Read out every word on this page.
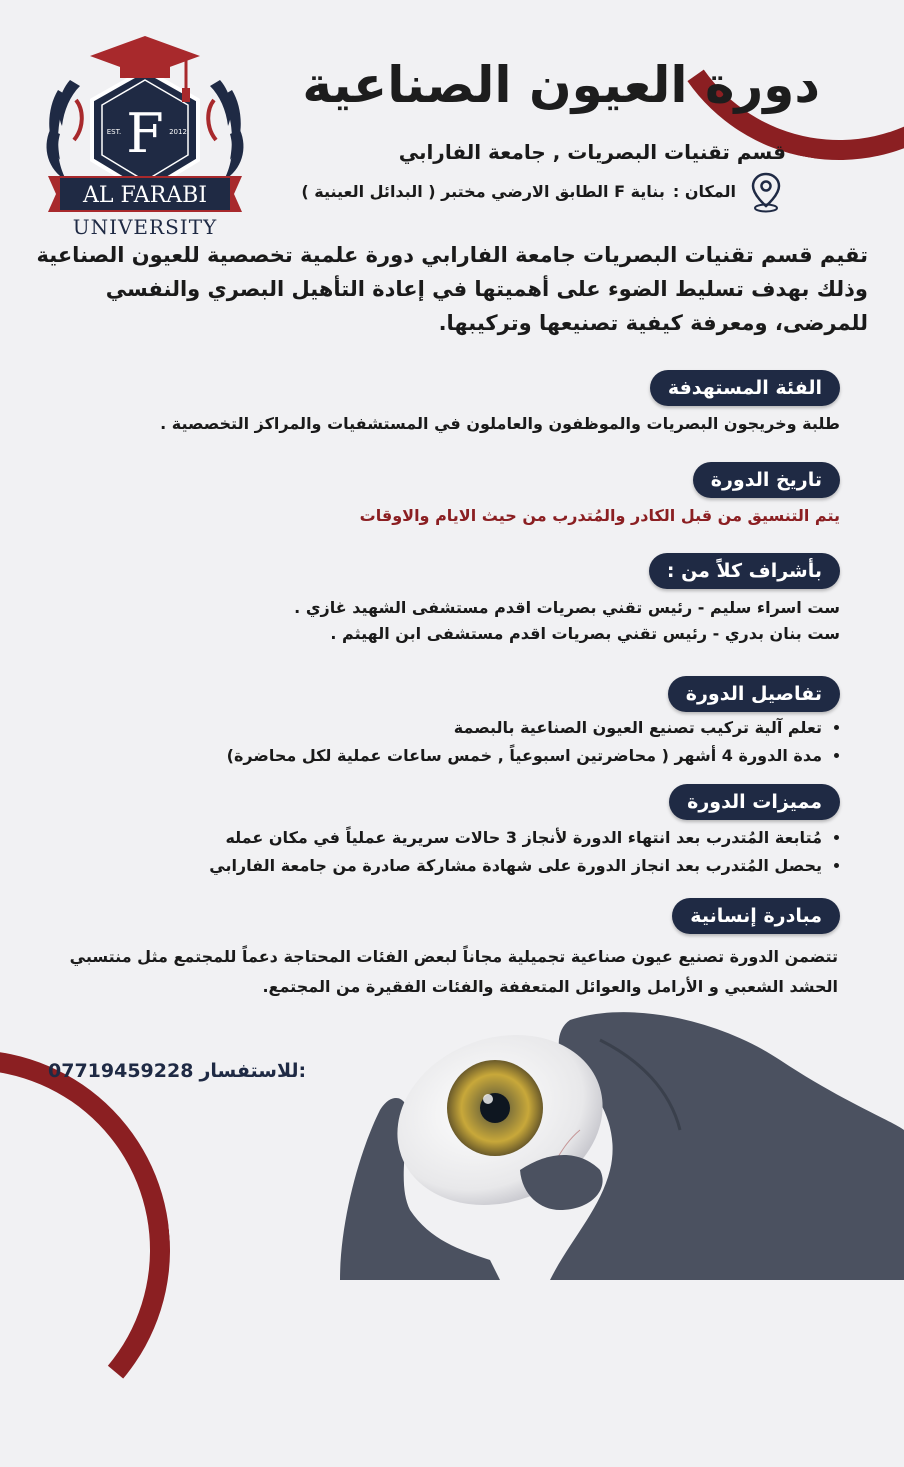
F
EST.	2012
AL FARABI
UNIVERSITY
دورة العيون الصناعية
قسم تقنيات البصريات , جامعة الفارابي
المكان :
بناية F الطابق الارضي مختبر ( البدائل العينية )
تقيم قسم تقنيات البصريات جامعة الفارابي دورة علمية تخصصية للعيون الصناعية وذلك بهدف تسليط الضوء على أهميتها في إعادة التأهيل البصري والنفسي للمرضى، ومعرفة كيفية تصنيعها وتركيبها.
الفئة المستهدفة
طلبة وخريجون البصريات والموظفون والعاملون في المستشفيات والمراكز التخصصية .
تاريخ الدورة
يتم التنسيق من قبل الكادر والمُتدرب من حيث الايام والاوقات
بأشراف كلاً من :
ست اسراء سليم - رئيس تقني بصريات اقدم مستشفى الشهيد غازي .
ست بنان بدري - رئيس تقني بصريات اقدم مستشفى ابن الهيثم .
تفاصيل الدورة
• تعلم آلية تركيب تصنيع العيون الصناعية بالبصمة
• مدة الدورة 4 أشهر ( محاضرتين اسبوعياً , خمس ساعات عملية لكل محاضرة)
مميزات الدورة
• مُتابعة المُتدرب بعد انتهاء الدورة لأنجاز 3 حالات سريرية عملياً في مكان عمله
• يحصل المُتدرب بعد انجاز الدورة على شهادة مشاركة صادرة من جامعة الفارابي
مبادرة إنسانية
تتضمن الدورة تصنيع عيون صناعية تجميلية مجاناً لبعض الفئات المحتاجة دعماً للمجتمع مثل منتسبي الحشد الشعبي و الأرامل والعوائل المتعففة والفئات الفقيرة من المجتمع.
07719459228 للاستفسار:
